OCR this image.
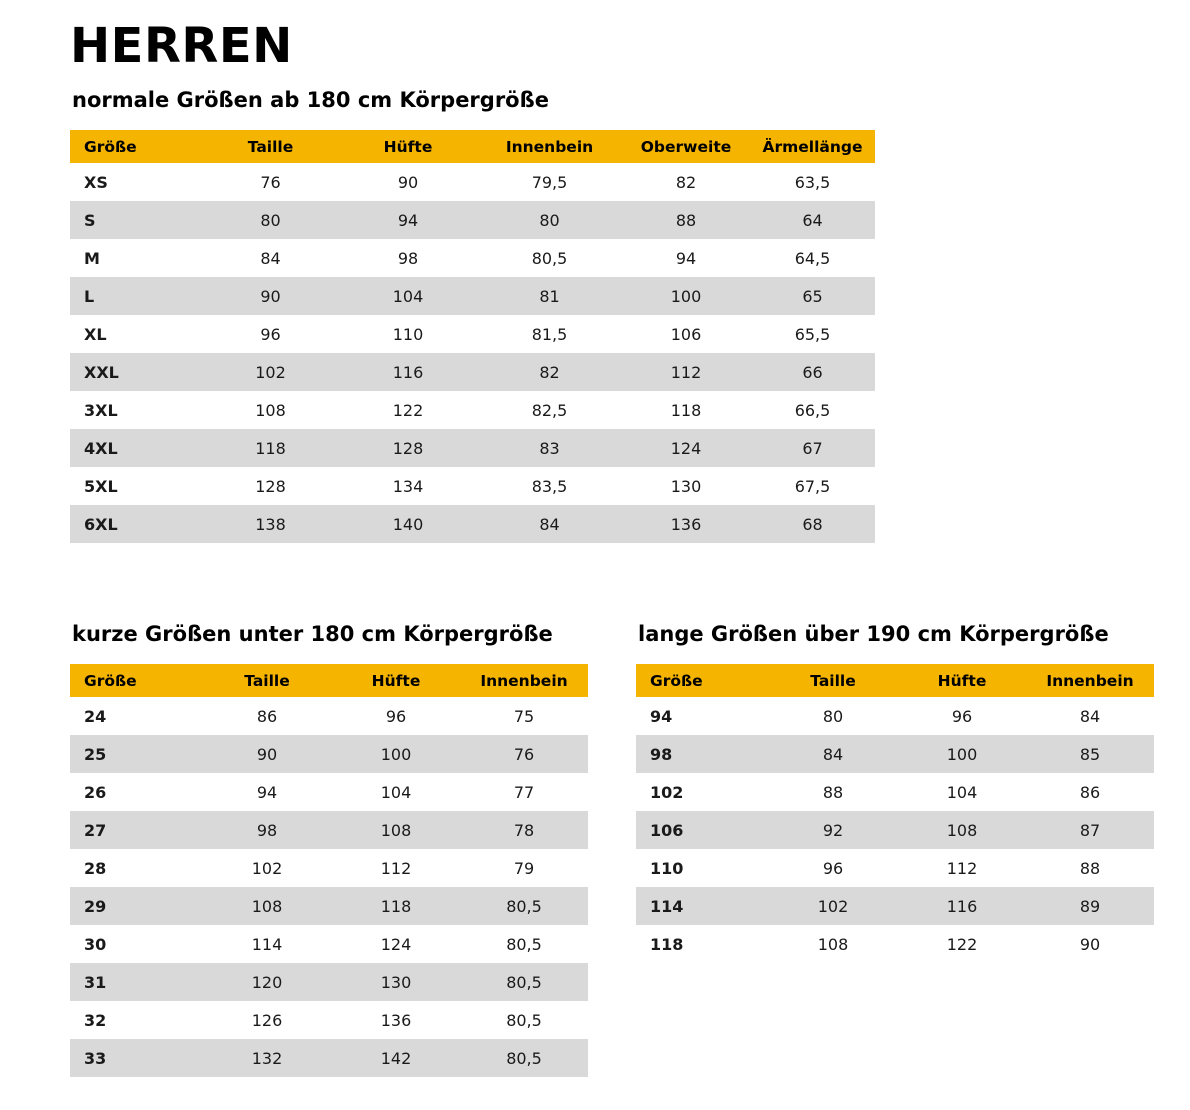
HERREN
normale Größen ab 180 cm Körpergröße
Größe	Taille	Hüfte	Innenbein	Oberweite	Ärmellänge
XS	76	90	79,5	82	63,5
S	80	94	80	88	64
M	84	98	80,5	94	64,5
L	90	104	81	100	65
XL	96	110	81,5	106	65,5
XXL	102	116	82	112	66
3XL	108	122	82,5	118	66,5
4XL	118	128	83	124	67
5XL	128	134	83,5	130	67,5
6XL	138	140	84	136	68
kurze Größen unter 180 cm Körpergröße
Größe	Taille	Hüfte	Innenbein
24	86	96	75
25	90	100	76
26	94	104	77
27	98	108	78
28	102	112	79
29	108	118	80,5
30	114	124	80,5
31	120	130	80,5
32	126	136	80,5
33	132	142	80,5
lange Größen über 190 cm Körpergröße
Größe	Taille	Hüfte	Innenbein
94	80	96	84
98	84	100	85
102	88	104	86
106	92	108	87
110	96	112	88
114	102	116	89
118	108	122	90
